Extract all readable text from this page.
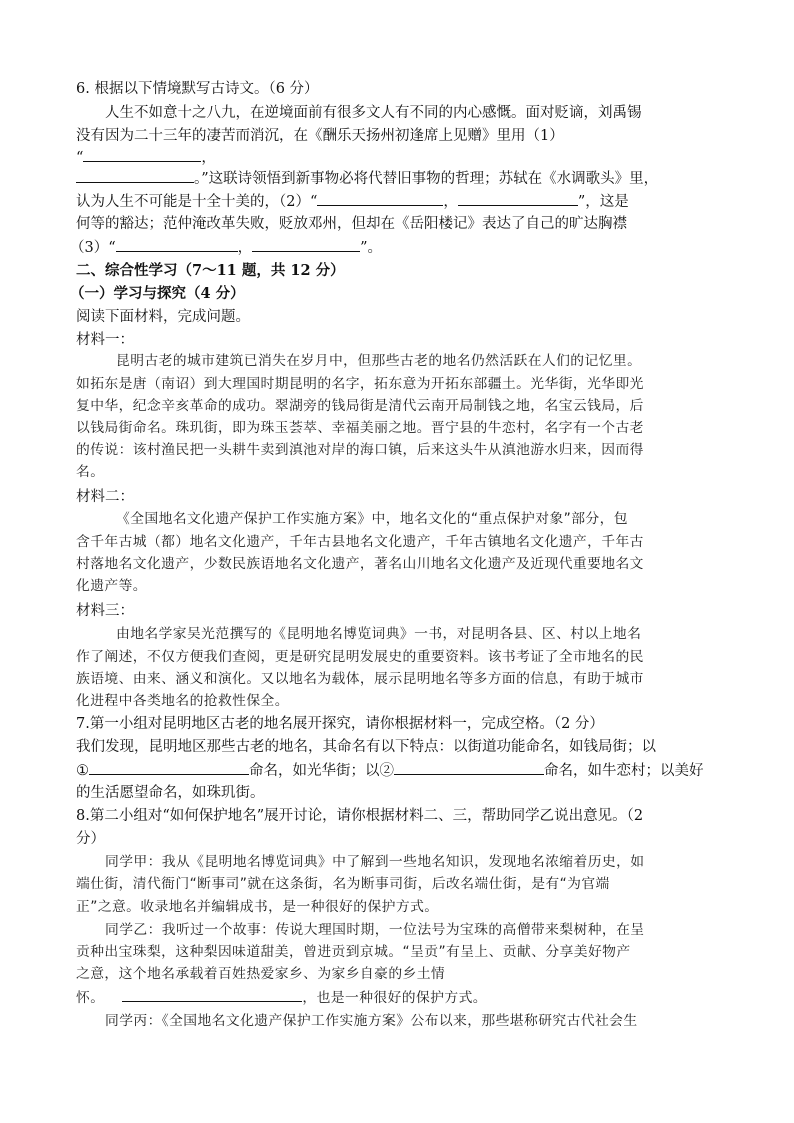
6. 根据以下情境默写古诗文。（6 分）
人生不如意十之八九，在逆境面前有很多文人有不同的内心感慨。面对贬谪，刘禹锡
没有因为二十三年的凄苦而消沉，在《酬乐天扬州初逢席上见赠》里用（1）
“	，
。”这联诗领悟到新事物必将代替旧事物的哲理；苏轼在《水调歌头》里，
认为人生不可能是十全十美的，（2）“	，	”，这是
何等的豁达；范仲淹改革失败，贬放邓州，但却在《岳阳楼记》表达了自己的旷达胸襟
（3）“	，	”。
二、综合性学习（7～11 题，共 12 分）
（一）学习与探究（4 分）
阅读下面材料，完成问题。
材料一：
昆明古老的城市建筑已消失在岁月中，但那些古老的地名仍然活跃在人们的记忆里。
如拓东是唐（南诏）到大理国时期昆明的名字，拓东意为开拓东部疆土。光华街，光华即光
复中华，纪念辛亥革命的成功。翠湖旁的钱局街是清代云南开局制钱之地，名宝云钱局，后
以钱局街命名。珠玑街，即为珠玉荟萃、幸福美丽之地。晋宁县的牛恋村，名字有一个古老
的传说：该村渔民把一头耕牛卖到滇池对岸的海口镇，后来这头牛从滇池游水归来，因而得
名。
材料二：
《全国地名文化遗产保护工作实施方案》中，地名文化的“重点保护对象”部分，包
含千年古城（都）地名文化遗产，千年古县地名文化遗产，千年古镇地名文化遗产，千年古
村落地名文化遗产，少数民族语地名文化遗产，著名山川地名文化遗产及近现代重要地名文
化遗产等。
材料三：
由地名学家吴光范撰写的《昆明地名博览词典》一书，对昆明各县、区、村以上地名
作了阐述，不仅方便我们查阅，更是研究昆明发展史的重要资料。该书考证了全市地名的民
族语境、由来、涵义和演化。又以地名为载体，展示昆明地名等多方面的信息，有助于城市
化进程中各类地名的抢救性保全。
7.第一小组对昆明地区古老的地名展开探究，请你根据材料一，完成空格。（2 分）
我们发现，昆明地区那些古老的地名，其命名有以下特点：以街道功能命名，如钱局街；以
①	命名，如光华街；以②	命名，如牛恋村；以美好
的生活愿望命名，如珠玑街。
8.第二小组对“如何保护地名”展开讨论，请你根据材料二、三，帮助同学乙说出意见。（2
分）
同学甲：我从《昆明地名博览词典》中了解到一些地名知识，发现地名浓缩着历史，如
端仕街，清代衙门“断事司”就在这条街，名为断事司街，后改名端仕街，是有“为官端
正”之意。收录地名并编辑成书，是一种很好的保护方式。
同学乙：我听过一个故事：传说大理国时期，一位法号为宝珠的高僧带来梨树种，在呈
贡种出宝珠梨，这种梨因味道甜美，曾进贡到京城。“呈贡”有呈上、贡献、分享美好物产
之意，这个地名承载着百姓热爱家乡、为家乡自豪的乡土情
怀。	，也是一种很好的保护方式。
同学丙：《全国地名文化遗产保护工作实施方案》公布以来，那些堪称研究古代社会生
